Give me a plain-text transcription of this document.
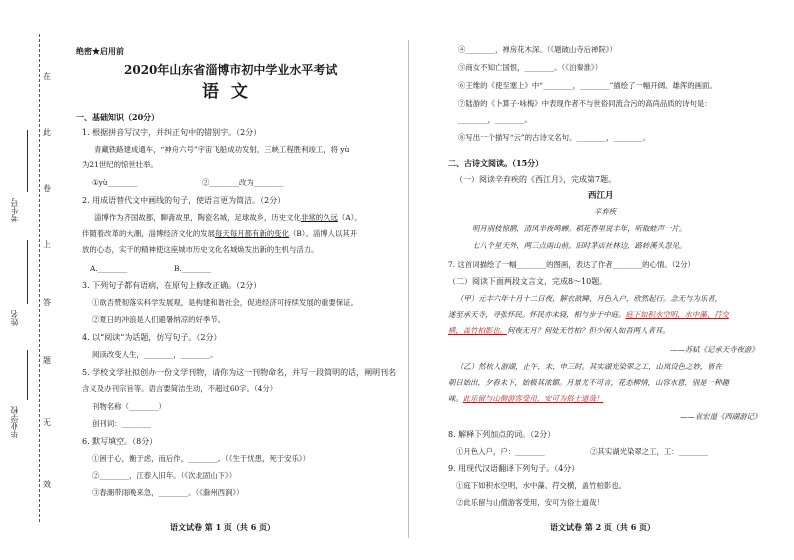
在
此
卷
上
答
题
无
效
考生号
姓名
毕业学校
绝密★启用前
2020年山东省淄博市初中学业水平考试
语  文
一、基础知识（20分）
1. 根据拼音写汉字，并纠正句中的错别字。（2分）
青藏铁路建成通车，“神舟六号”宇宙飞船成功发射，三峡工程胜利竣工，将 yù
为21世纪的惊世壮举。
①yù________	②________改为________
2. 用成语替代文中画线的句子，使语言更为简洁。（2分）
淄博作为齐国故都，聊斋故里，陶瓷名城，足球故乡，历史文化非常的久远（A）。
伴随着改革的大潮，淄博经济文化的发展每天每月都有新的变化（B）。淄博人以其开
放的心态，实干的精神使这座城市历史文化名城焕发出新的生机与活力。
A.________	B.________
3. 下列句子都有语病，在原句上修改正确。（2分）
①欲否赞彻落实科学发展观，是构建和谐社会，促进经济可持续发展的重要保证。
②夏日的冲浪是人们避暑纳凉的好季节。
4. 以“阅读”为话题，仿写句子。（2分）
阅读改变人生，________，________。
5. 学校文学社拟创办一份文学刊物，请你为这一刊物命名，并写一段简明的话，阐明刊名
含义及办刊宗旨等。语言要简洁生动，不超过60字。（4分）
刊物名称（________）
创刊词：________
6. 默写填空。（8分）
①困于心，衡于虑，而后作，________。（《生于忧患，死于安乐》）
②________，江春入旧年。（《次北固山下》）
③春潮带雨晚来急，________。（《滁州西涧》）
语文试卷 第 1 页（共 6 页）
④________，禅房花木深。（《题破山寺后禅院》）
⑤商女不知亡国恨，________。（《泊秦淮》）
⑥王维的《使至塞上》中“________，________”描绘了一幅开阔、雄浑的画面。
⑦陆游的《卜算子·咏梅》中表现作者不与世俗同流合污的高尚品质的诗句是：
________，________。
⑧写出一个描写“云”的古诗文名句。________，________。
二、古诗文阅读。（15分）
（一）阅读辛弃疾的《西江月》，完成第7题。
西江月
辛弃疾
明月别枝惊鹊，清风半夜鸣蝉。稻花香里说丰年，听取蛙声一片。
七八个星天外，两三点雨山前。旧时茅店社林边，路转溪头忽见。
7. 这首词描绘了一幅________的图画，表达了作者________的心情。（2分）
（二）阅读下面两段文言文，完成8～10题。
（甲）元丰六年十月十二日夜，解衣欲睡，月色入户，欣然起行。念无与为乐者，
遂至承天寺，寻张怀民。怀民亦未寝，相与步于中庭。庭下如积水空明，水中藻、荇交
横，盖竹柏影也。何夜无月？何处无竹柏？但少闲人如吾两人者耳。
——苏轼《记承天寺夜游》
（乙）然杭人游湖，止午、未、申三时。其实湖光染翠之工，山岚设色之妙，皆在
朝日始出，夕舂未下，始极其浓媚。月景尤不可言，花态柳情，山容水意，别是一种趣
味。此乐留与山僧游客受用，安可为俗士道哉！
——袁宏道《西湖游记》
8. 解释下列加点的词。（2分）
①月色入户，户：________	②其实湖光染翠之工，工：________
9. 用现代汉语翻译下列句子。（4分）
①庭下如积水空明，水中藻、荇交横，盖竹柏影也。
②此乐留与山僧游客受用，安可为俗士道哉！
语文试卷 第 2 页（共 6 页）
